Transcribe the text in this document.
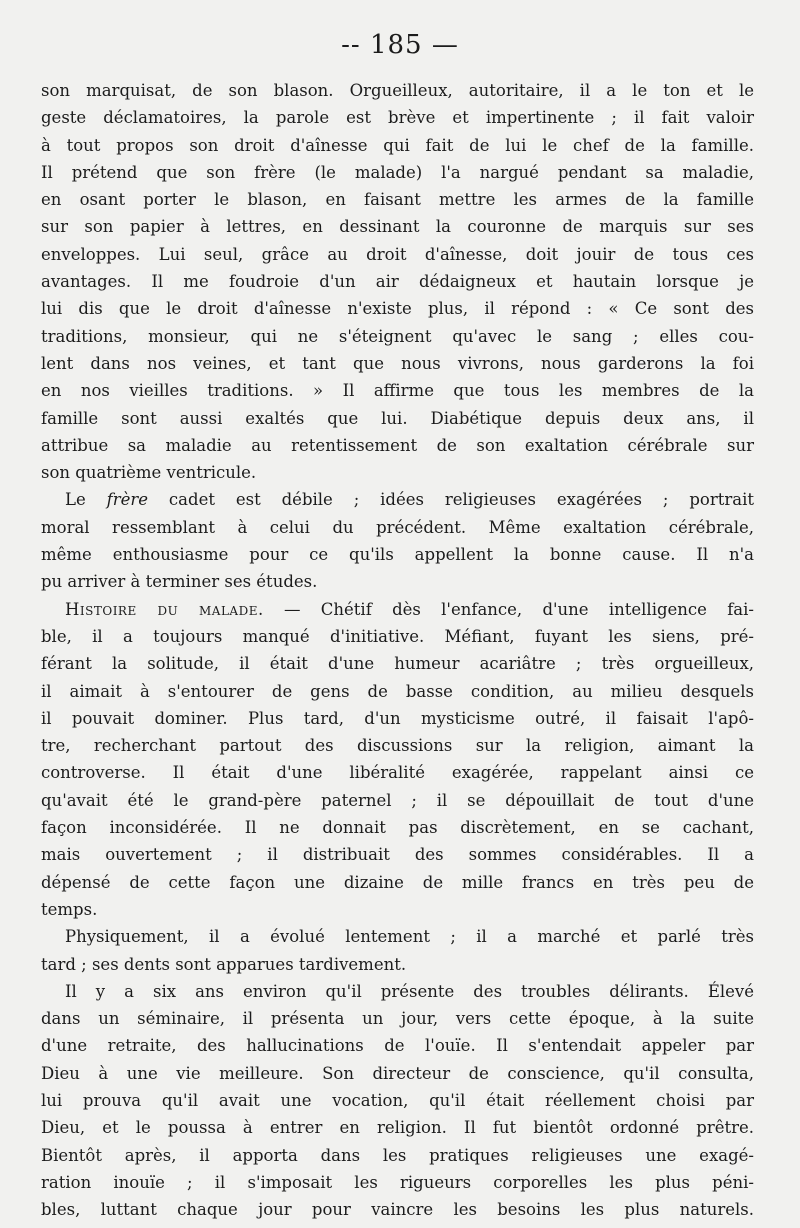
-- 185 —
son marquisat, de son blason. Orgueilleux, autoritaire, il a le ton et le
geste déclamatoires, la parole est brève et impertinente ; il fait valoir
à tout propos son droit d'aînesse qui fait de lui le chef de la famille.
Il prétend que son frère (le malade) l'a nargué pendant sa maladie,
en osant porter le blason, en faisant mettre les armes de la famille
sur son papier à lettres, en dessinant la couronne de marquis sur ses
enveloppes. Lui seul, grâce au droit d'aînesse, doit jouir de tous ces
avantages. Il me foudroie d'un air dédaigneux et hautain lorsque je
lui dis que le droit d'aînesse n'existe plus, il répond : « Ce sont des
traditions, monsieur, qui ne s'éteignent qu'avec le sang ; elles cou-
lent dans nos veines, et tant que nous vivrons, nous garderons la foi
en nos vieilles traditions. » Il affirme que tous les membres de la
famille sont aussi exaltés que lui. Diabétique depuis deux ans, il
attribue sa maladie au retentissement de son exaltation cérébrale sur
son quatrième ventricule.
Le frère cadet est débile ; idées religieuses exagérées ; portrait
moral ressemblant à celui du précédent. Même exaltation cérébrale,
même enthousiasme pour ce qu'ils appellent la bonne cause. Il n'a
pu arriver à terminer ses études.
Histoire du malade. — Chétif dès l'enfance, d'une intelligence fai-
ble, il a toujours manqué d'initiative. Méfiant, fuyant les siens, pré-
férant la solitude, il était d'une humeur acariâtre ; très orgueilleux,
il aimait à s'entourer de gens de basse condition, au milieu desquels
il pouvait dominer. Plus tard, d'un mysticisme outré, il faisait l'apô-
tre, recherchant partout des discussions sur la religion, aimant la
controverse. Il était d'une libéralité exagérée, rappelant ainsi ce
qu'avait été le grand-père paternel ; il se dépouillait de tout d'une
façon inconsidérée. Il ne donnait pas discrètement, en se cachant,
mais ouvertement ; il distribuait des sommes considérables. Il a
dépensé de cette façon une dizaine de mille francs en très peu de
temps.
Physiquement, il a évolué lentement ; il a marché et parlé très
tard ; ses dents sont apparues tardivement.
Il y a six ans environ qu'il présente des troubles délirants. Élevé
dans un séminaire, il présenta un jour, vers cette époque, à la suite
d'une retraite, des hallucinations de l'ouïe. Il s'entendait appeler par
Dieu à une vie meilleure. Son directeur de conscience, qu'il consulta,
lui prouva qu'il avait une vocation, qu'il était réellement choisi par
Dieu, et le poussa à entrer en religion. Il fut bientôt ordonné prêtre.
Bientôt après, il apporta dans les pratiques religieuses une exagé-
ration inouïe ; il s'imposait les rigueurs corporelles les plus péni-
bles, luttant chaque jour pour vaincre les besoins les plus naturels.
